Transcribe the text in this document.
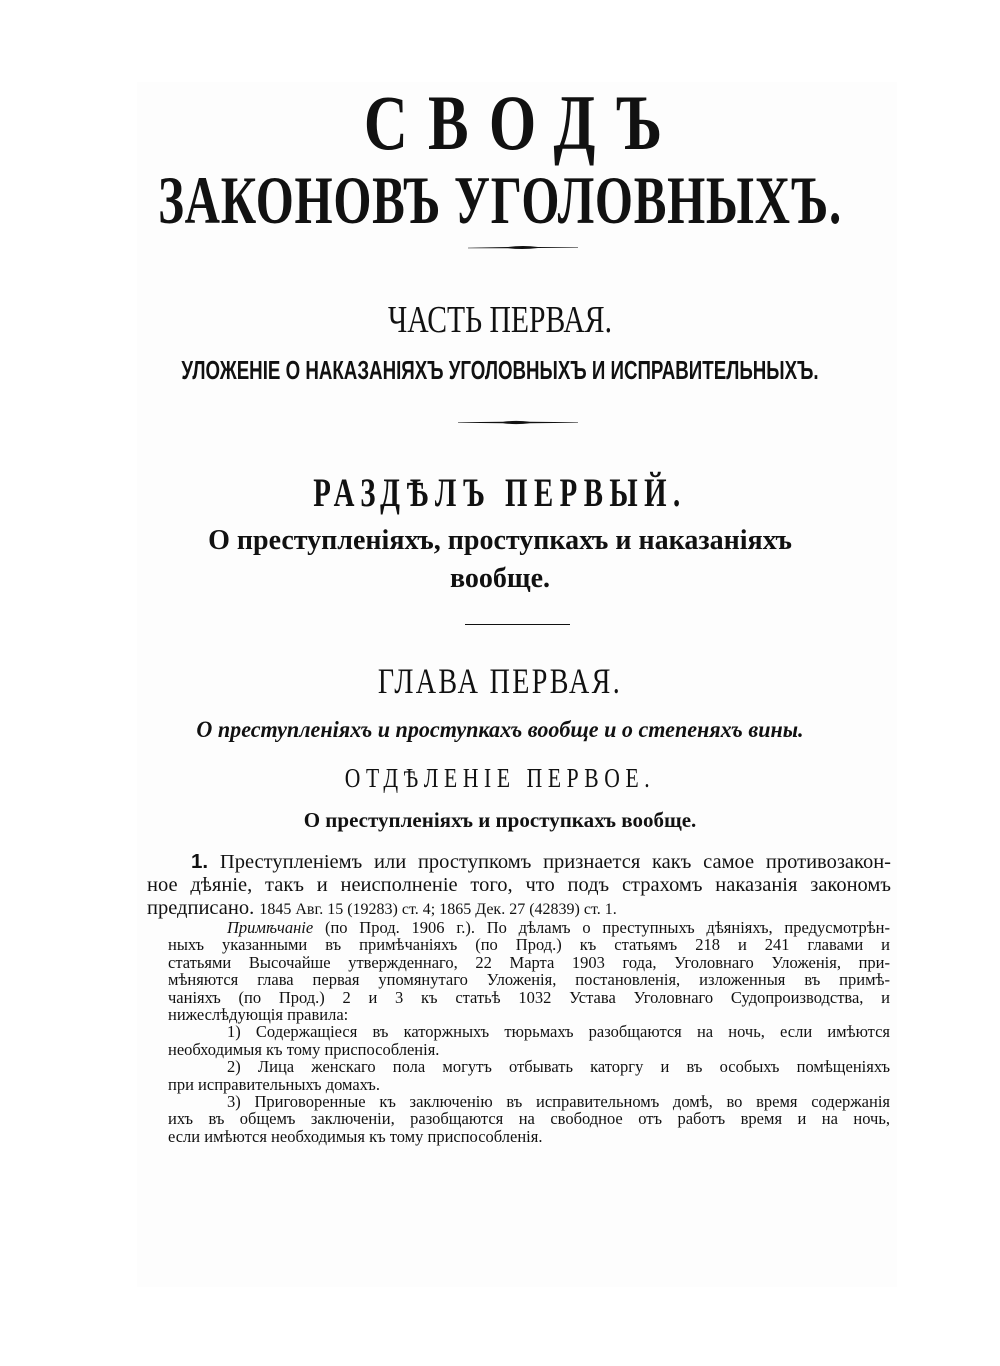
СВОДЪ
ЗАКОНОВЪ УГОЛОВНЫХЪ.
ЧАСТЬ ПЕРВАЯ.
УЛОЖЕНІЕ О НАКАЗАНІЯХЪ УГОЛОВНЫХЪ И ИСПРАВИТЕЛЬНЫХЪ.
РАЗДѢЛЪ ПЕРВЫЙ.
О преступленіяхъ, проступкахъ и наказаніяхъ
вообще.
ГЛАВА ПЕРВАЯ.
О преступленіяхъ и проступкахъ вообще и о степеняхъ вины.
ОТДѢЛЕНІЕ ПЕРВОЕ.
О преступленіяхъ и проступкахъ вообще.
1. Преступленіемъ или проступкомъ признается какъ самое противозакон-
ное дѣяніе, такъ и неисполненіе того, что подъ страхомъ наказанія закономъ
предписано. 1845 Авг. 15 (19283) ст. 4; 1865 Дек. 27 (42839) ст. 1.
Примѣчаніе (по Прод. 1906 г.). По дѣламъ о преступныхъ дѣяніяхъ, предусмотрѣн-
ныхъ указанными въ примѣчаніяхъ (по Прод.) къ статьямъ 218 и 241 главами и
статьями Высочайше утвержденнаго, 22 Марта 1903 года, Уголовнаго Уложенія, при-
мѣняются глава первая упомянутаго Уложенія, постановленія, изложенныя въ примѣ-
чаніяхъ (по Прод.) 2 и 3 къ статьѣ 1032 Устава Уголовнаго Судопроизводства, и
нижеслѣдующія правила:
1) Содержащіеся въ каторжныхъ тюрьмахъ разобщаются на ночь, если имѣются
необходимыя къ тому приспособленія.
2) Лица женскаго пола могутъ отбывать каторгу и въ особыхъ помѣщеніяхъ
при исправительныхъ домахъ.
3) Приговоренные къ заключенію въ исправительномъ домѣ, во время содержанія
ихъ въ общемъ заключеніи, разобщаются на свободное отъ работъ время и на ночь,
если имѣются необходимыя къ тому приспособленія.
